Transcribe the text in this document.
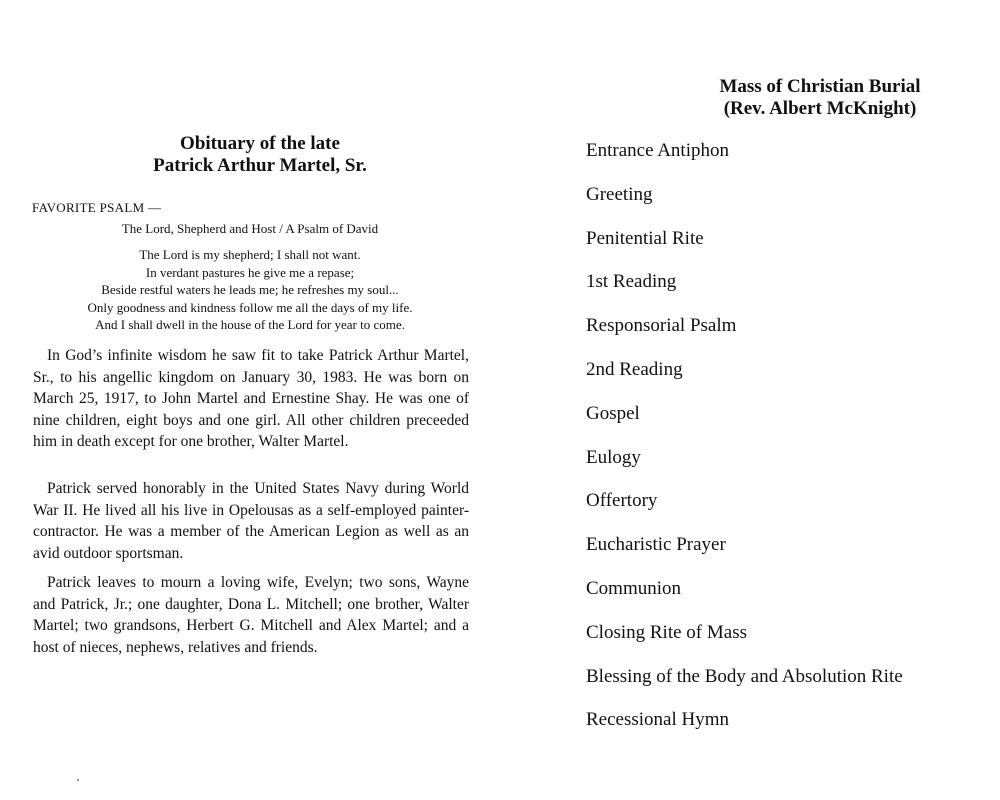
Obituary of the late
Patrick Arthur Martel, Sr.
FAVORITE PSALM —
The Lord, Shepherd and Host / A Psalm of David
The Lord is my shepherd; I shall not want.
In verdant pastures he give me a repase;
Beside restful waters he leads me; he refreshes my soul...
Only goodness and kindness follow me all the days of my life.
And I shall dwell in the house of the Lord for year to come.

In God’s infinite wisdom he saw fit to take Patrick Arthur Martel, Sr., to his angellic kingdom on January 30, 1983. He was born on March 25, 1917, to John Martel and Ernestine Shay. He was one of nine children, eight boys and one girl. All other children preceeded him in death except for one brother, Walter Martel.

Patrick served honorably in the United States Navy during World War II. He lived all his live in Opelousas as a self-employed painter-contractor. He was a member of the American Legion as well as an avid outdoor sportsman.

Patrick leaves to mourn a loving wife, Evelyn; two sons, Wayne and Patrick, Jr.; one daughter, Dona L. Mitchell; one brother, Walter Martel; two grandsons, Herbert G. Mitchell and Alex Martel; and a host of nieces, nephews, relatives and friends.

Mass of Christian Burial
(Rev. Albert McKnight)
Entrance Antiphon
Greeting
Penitential Rite
1st Reading
Responsorial Psalm
2nd Reading
Gospel
Eulogy
Offertory
Eucharistic Prayer
Communion
Closing Rite of Mass
Blessing of the Body and Absolution Rite
Recessional Hymn
